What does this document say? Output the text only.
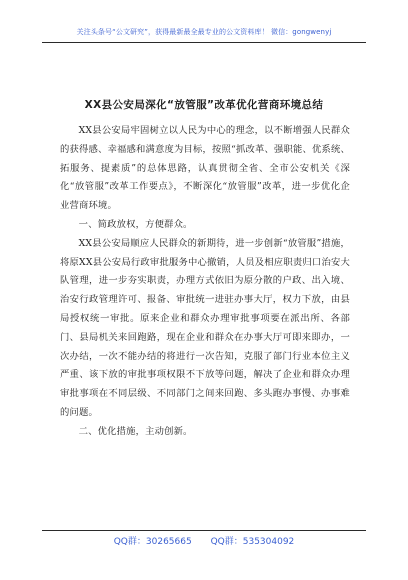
关注头条号“公文研究”，获得最新最全最专业的公文资料库！ 微信：gongwenyj
XX县公安局深化“放管服”改革优化营商环境总结

XX县公安局牢固树立以人民为中心的理念，以不断增强人民群众的获得感、幸福感和满意度为目标，按照“抓改革、强职能、优系统、拓服务、提素质”的总体思路，认真贯彻全省、全市公安机关《深化“放管服”改革工作要点》，不断深化“放管服”改革，进一步优化企业营商环境。

一、简政放权，方便群众。

XX县公安局顺应人民群众的新期待，进一步创新“放管服”措施，将原XX县公安局行政审批服务中心撤销，人员及相应职责归口治安大队管理，进一步夯实职责，办理方式依旧为原分散的户政、出入境、治安行政管理许可、报备、审批统一进驻办事大厅，权力下放，由县局授权统一审批。原来企业和群众办理审批事项要在派出所、各部门、县局机关来回跑路，现在企业和群众在办事大厅可即来即办，一次办结，一次不能办结的将进行一次告知，克服了部门行业本位主义严重、该下放的审批事项权限不下放等问题，解决了企业和群众办理审批事项在不同层级、不同部门之间来回跑、多头跑办事慢、办事难的问题。

二、优化措施，主动创新。

QQ群：30265665 QQ群：535304092
